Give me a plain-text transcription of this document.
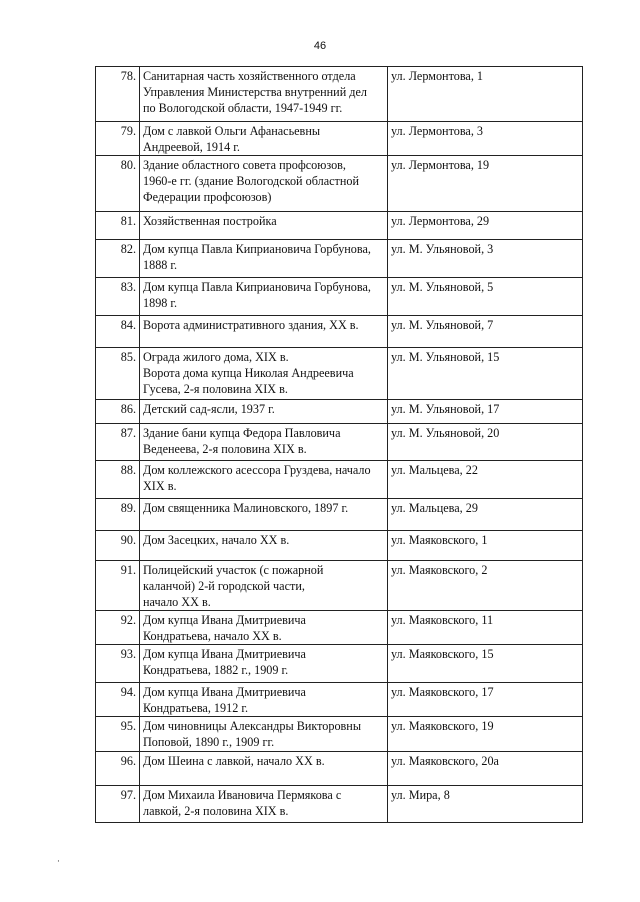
46
78.	Санитарная часть хозяйственного отдела
Управления Министерства внутренний дел
по Вологодской области, 1947-1949 гг.	ул. Лермонтова, 1
79.	Дом с лавкой Ольги Афанасьевны
Андреевой, 1914 г.	ул. Лермонтова, 3
80.	Здание областного совета профсоюзов,
1960-е гг. (здание Вологодской областной
Федерации профсоюзов)	ул. Лермонтова, 19
81.	Хозяйственная постройка	ул. Лермонтова, 29
82.	Дом купца Павла Киприановича Горбунова,
1888 г.	ул. М. Ульяновой, 3
83.	Дом купца Павла Киприановича Горбунова,
1898 г.	ул. М. Ульяновой, 5
84.	Ворота административного здания, XX в.	ул. М. Ульяновой, 7
85.	Ограда жилого дома, XIX в.
Ворота дома купца Николая Андреевича
Гусева, 2-я половина XIX в.	ул. М. Ульяновой, 15
86.	Детский сад-ясли, 1937 г.	ул. М. Ульяновой, 17
87.	Здание бани купца Федора Павловича
Веденеева, 2-я половина XIX в.	ул. М. Ульяновой, 20
88.	Дом коллежского асессора Груздева, начало
XIX в.	ул. Мальцева, 22
89.	Дом священника Малиновского, 1897 г.	ул. Мальцева, 29
90.	Дом Засецких, начало XX в.	ул. Маяковского, 1
91.	Полицейский участок (с пожарной
каланчой) 2-й городской части,
начало XX в.	ул. Маяковского, 2
92.	Дом купца Ивана Дмитриевича
Кондратьева, начало XX в.	ул. Маяковского, 11
93.	Дом купца Ивана Дмитриевича
Кондратьева, 1882 г., 1909 г.	ул. Маяковского, 15
94.	Дом купца Ивана Дмитриевича
Кондратьева, 1912 г.	ул. Маяковского, 17
95.	Дом чиновницы Александры Викторовны
Поповой, 1890 г., 1909 гг.	ул. Маяковского, 19
96.	Дом Шеина с лавкой, начало XX в.	ул. Маяковского, 20а
97.	Дом Михаила Ивановича Пермякова с
лавкой, 2-я половина XIX в.	ул. Мира, 8
·
